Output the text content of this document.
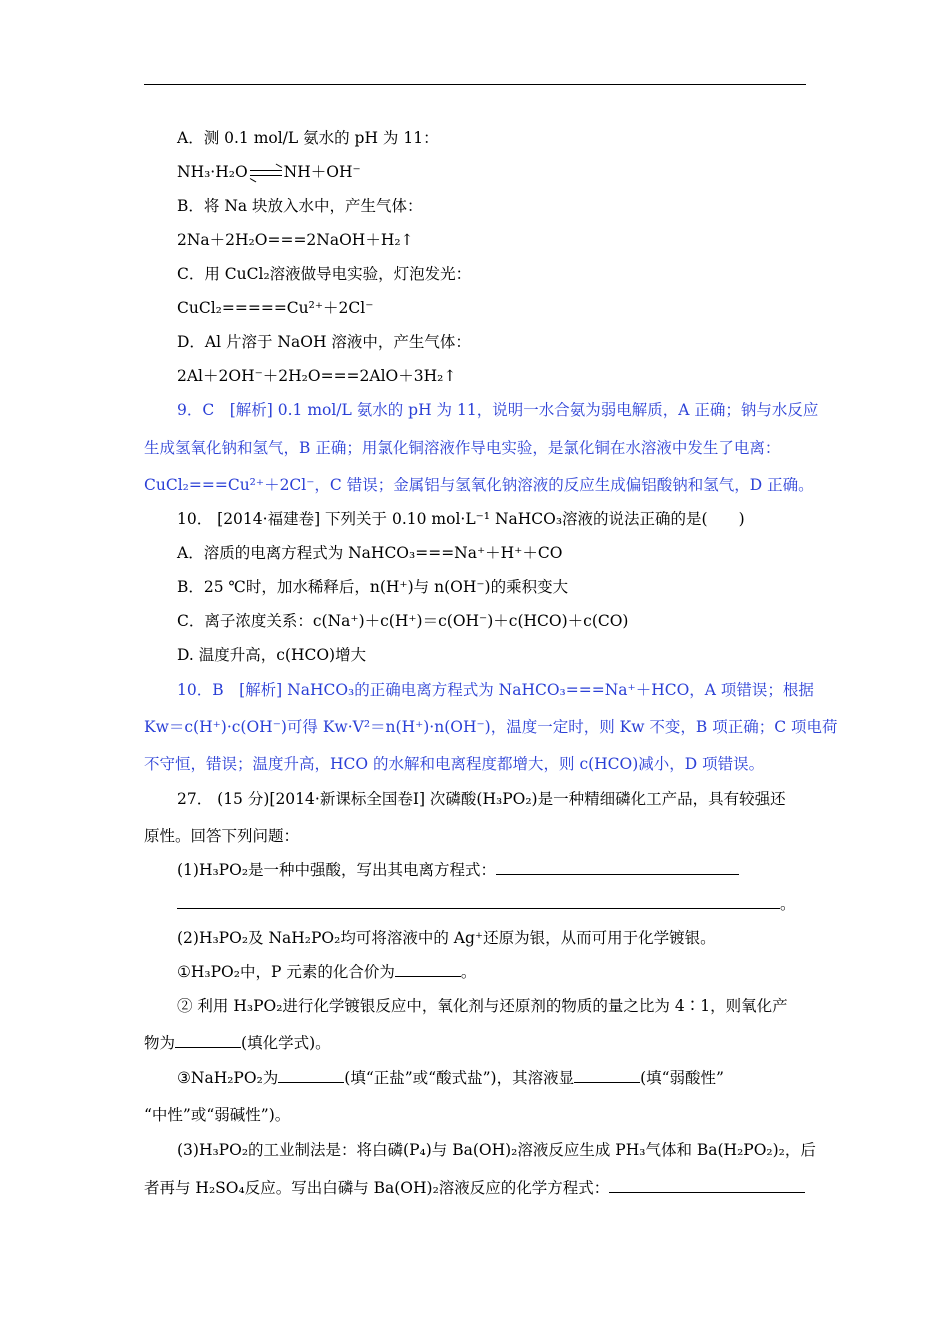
A．测 0.1 mol/L 氨水的 pH 为 11：
NH₃·H₂O ⇌ NH＋OH⁻
B．将 Na 块放入水中，产生气体：
2Na＋2H₂O===2NaOH＋H₂↑
C．用 CuCl₂溶液做导电实验，灯泡发光：
CuCl₂=====Cu²⁺＋2Cl⁻
D．Al 片溶于 NaOH 溶液中，产生气体：
2Al＋2OH⁻＋2H₂O===2AlO＋3H₂↑
9．C　[解析] 0.1 mol/L 氨水的 pH 为 11，说明一水合氨为弱电解质，A 正确；钠与水反应
生成氢氧化钠和氢气，B 正确；用氯化铜溶液作导电实验，是氯化铜在水溶液中发生了电离：
CuCl₂===Cu²⁺＋2Cl⁻，C 错误；金属铝与氢氧化钠溶液的反应生成偏铝酸钠和氢气，D 正确。
10． [2014·福建卷] 下列关于 0.10 mol·L⁻¹ NaHCO₃溶液的说法正确的是(　　)
A．溶质的电离方程式为 NaHCO₃===Na⁺＋H⁺＋CO
B．25 ℃时，加水稀释后，n(H⁺)与 n(OH⁻)的乘积变大
C．离子浓度关系：c(Na⁺)＋c(H⁺)＝c(OH⁻)＋c(HCO)＋c(CO)
D. 温度升高，c(HCO)增大
10．B　[解析] NaHCO₃的正确电离方程式为 NaHCO₃===Na⁺＋HCO，A 项错误；根据
Kw＝c(H⁺)·c(OH⁻)可得 Kw·V²＝n(H⁺)·n(OH⁻)，温度一定时，则 Kw 不变，B 项正确；C 项电荷
不守恒，错误；温度升高，HCO 的水解和电离程度都增大，则 c(HCO)减小，D 项错误。
27． (15 分)[2014·新课标全国卷Ⅰ] 次磷酸(H₃PO₂)是一种精细磷化工产品，具有较强还
原性。回答下列问题：
(1)H₃PO₂是一种中强酸，写出其电离方程式：
。
(2)H₃PO₂及 NaH₂PO₂均可将溶液中的 Ag⁺还原为银，从而可用于化学镀银。
①H₃PO₂中，P 元素的化合价为	。
② 利用 H₃PO₂进行化学镀银反应中，氧化剂与还原剂的物质的量之比为 4∶1，则氧化产
物为	(填化学式)。
③NaH₂PO₂为	(填“正盐”或“酸式盐”)，其溶液显	(填“弱酸性”
“中性”或“弱碱性”)。
(3)H₃PO₂的工业制法是：将白磷(P₄)与 Ba(OH)₂溶液反应生成 PH₃气体和 Ba(H₂PO₂)₂，后
者再与 H₂SO₄反应。写出白磷与 Ba(OH)₂溶液反应的化学方程式：
